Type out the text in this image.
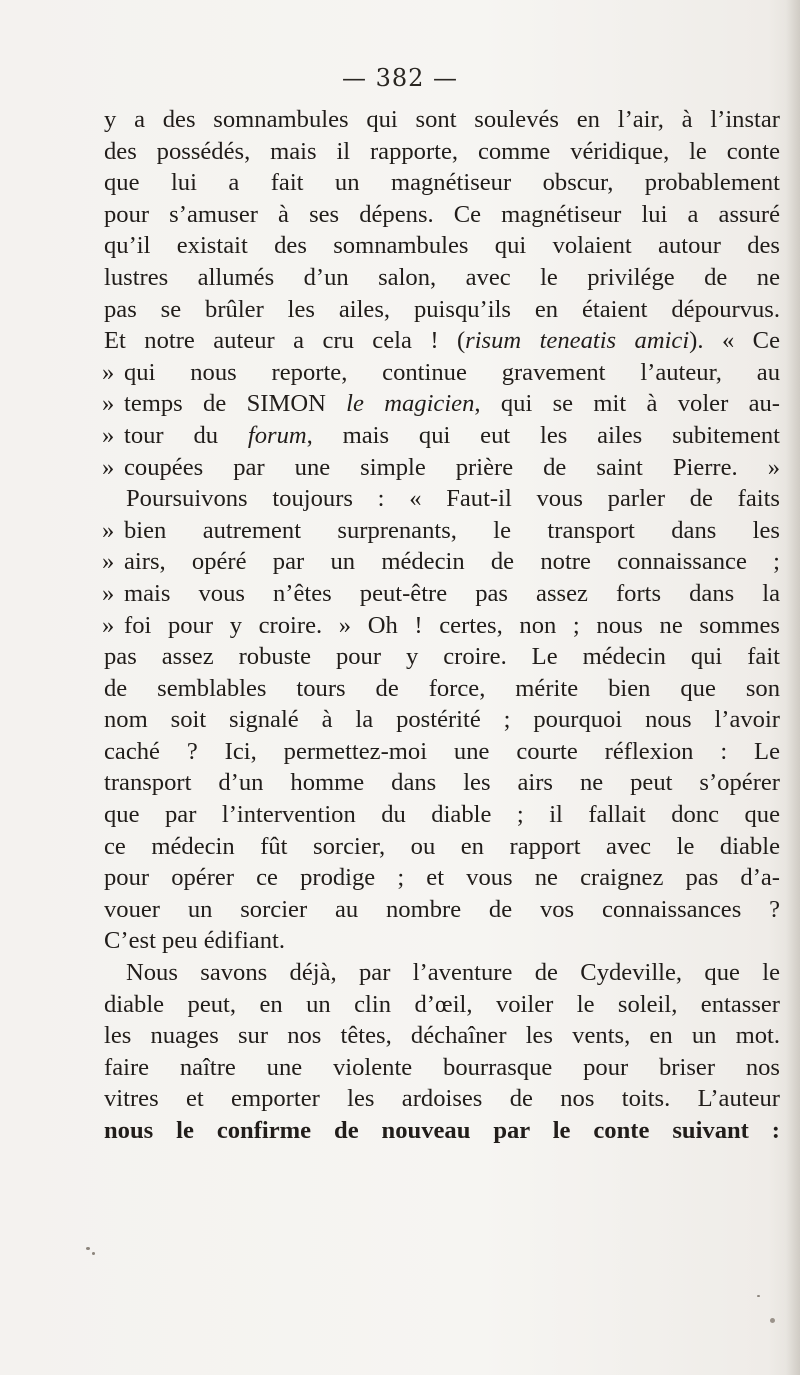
— 382 —
y a des somnambules qui sont soulevés en l’air, à l’instar
des possédés, mais il rapporte, comme véridique, le conte
que lui a fait un magnétiseur obscur, probablement
pour s’amuser à ses dépens. Ce magnétiseur lui a assuré
qu’il existait des somnambules qui volaient autour des
lustres allumés d’un salon, avec le privilége de ne
pas se brûler les ailes, puisqu’ils en étaient dépourvus.
Et notre auteur a cru cela ! (risum teneatis amici). « Ce
» qui nous reporte, continue gravement l’auteur, au
» temps de SIMON le magicien, qui se mit à voler au-
» tour du forum, mais qui eut les ailes subitement
» coupées par une simple prière de saint Pierre. »
Poursuivons toujours : « Faut-il vous parler de faits
» bien autrement surprenants, le transport dans les
» airs, opéré par un médecin de notre connaissance ;
» mais vous n’êtes peut-être pas assez forts dans la
» foi pour y croire. » Oh ! certes, non ; nous ne sommes
pas assez robuste pour y croire. Le médecin qui fait
de semblables tours de force, mérite bien que son
nom soit signalé à la postérité ; pourquoi nous l’avoir
caché ? Ici, permettez-moi une courte réflexion : Le
transport d’un homme dans les airs ne peut s’opérer
que par l’intervention du diable ; il fallait donc que
ce médecin fût sorcier, ou en rapport avec le diable
pour opérer ce prodige ; et vous ne craignez pas d’a-
vouer un sorcier au nombre de vos connaissances ?
C’est peu édifiant.
Nous savons déjà, par l’aventure de Cydeville, que le
diable peut, en un clin d’œil, voiler le soleil, entasser
les nuages sur nos têtes, déchaîner les vents, en un mot.
faire naître une violente bourrasque pour briser nos
vitres et emporter les ardoises de nos toits. L’auteur
nous le confirme de nouveau par le conte suivant :
